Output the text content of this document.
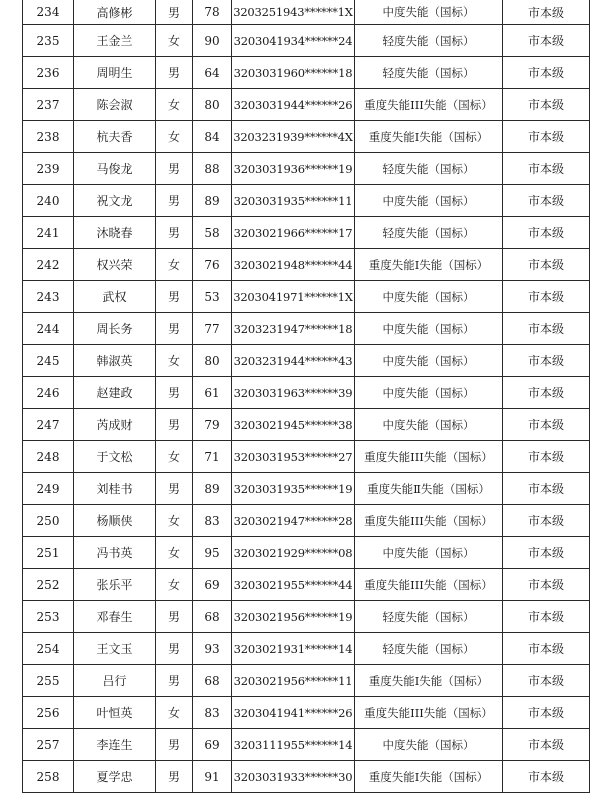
234	高修彬	男	78	3203251943******1X	中度失能（国标）	市本级
235	王金兰	女	90	3203041934******24	轻度失能（国标）	市本级
236	周明生	男	64	3203031960******18	轻度失能（国标）	市本级
237	陈会淑	女	80	3203031944******26	重度失能III失能（国标）	市本级
238	杭夫香	女	84	3203231939******4X	重度失能Ⅰ失能（国标）	市本级
239	马俊龙	男	88	3203031936******19	轻度失能（国标）	市本级
240	祝文龙	男	89	3203031935******11	中度失能（国标）	市本级
241	沐晓春	男	58	3203021966******17	轻度失能（国标）	市本级
242	权兴荣	女	76	3203021948******44	重度失能Ⅰ失能（国标）	市本级
243	武权	男	53	3203041971******1X	中度失能（国标）	市本级
244	周长务	男	77	3203231947******18	中度失能（国标）	市本级
245	韩淑英	女	80	3203231944******43	中度失能（国标）	市本级
246	赵建政	男	61	3203031963******39	中度失能（国标）	市本级
247	芮成财	男	79	3203021945******38	中度失能（国标）	市本级
248	于文松	女	71	3203031953******27	重度失能III失能（国标）	市本级
249	刘桂书	男	89	3203031935******19	重度失能Ⅱ失能（国标）	市本级
250	杨顺侠	女	83	3203021947******28	重度失能III失能（国标）	市本级
251	冯书英	女	95	3203021929******08	中度失能（国标）	市本级
252	张乐平	女	69	3203021955******44	重度失能III失能（国标）	市本级
253	邓春生	男	68	3203021956******19	轻度失能（国标）	市本级
254	王文玉	男	93	3203021931******14	轻度失能（国标）	市本级
255	吕行	男	68	3203021956******11	重度失能Ⅰ失能（国标）	市本级
256	叶恒英	女	83	3203041941******26	重度失能III失能（国标）	市本级
257	李连生	男	69	3203111955******14	中度失能（国标）	市本级
258	夏学忠	男	91	3203031933******30	重度失能Ⅰ失能（国标）	市本级
